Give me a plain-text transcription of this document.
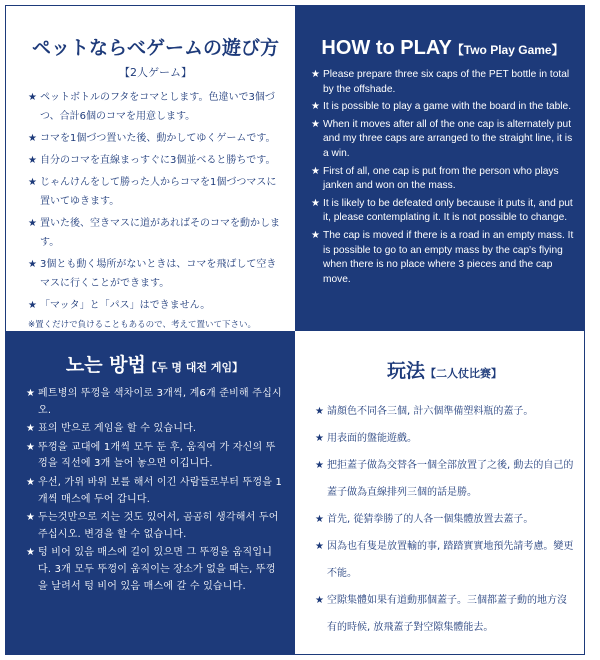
ペットならべゲームの遊び方
【2人ゲーム】
★ ペットボトルのフタをコマとします。色違いで3個づつ、合計6個のコマを用意します。
★ コマを1個づつ置いた後、動かしてゆくゲームです。
★ 自分のコマを直線まっすぐに3個並べると勝ちです。
★ じゃんけんをして勝った人からコマを1個づつマスに置いてゆきます。
★ 置いた後、空きマスに道があればそのコマを動かします。
★ 3個とも動く場所がないときは、コマを飛ばして空きマスに行くことができます。
★ 「マッタ」と「パス」はできません。
※置くだけで負けることもあるので、考えて置いて下さい。
HOW to PLAY【Two Play Game】
★ Please prepare three six caps of the PET bottle in total by the offshade.
★ It is possible to play a game with the board in the table.
★ When it moves after all of the one cap is alternately put and my three caps are arranged to the straight line, it is a win.
★ First of all, one cap is put from the person who plays janken and won on the mass.
★ It is likely to be defeated only because it puts it, and put it, please contemplating it. It is not possible to change.
★ The cap is moved if there is a road in an empty mass. It is possible to go to an empty mass by the cap's flying when there is no place where 3 pieces and the cap move.
노는 방법【두 명 대전 게임】
★ 페트병의 뚜껑을 색차이로 3개씩, 계6개 준비해 주십시오.
★ 표의 반으로 게임을 할 수 있습니다.
★ 뚜껑을 교대에 1개씩 모두 둔 후, 움직여 가 자신의 뚜껑을 직선에 3개 늘어 놓으면 이깁니다.
★ 우선, 가위 바위 보를 해서 이긴 사람들로부터 뚜껑을 1개씩 매스에 두어 갑니다.
★ 두는것만으로 지는 것도 있어서, 곰곰히 생각해서 두어 주십시오. 변경을 할 수 없습니다.
★ 텅 비어 있음 매스에 길이 있으면 그 뚜껑을 움직입니다. 3개 모두 뚜껑이 움직이는 장소가 없을 때는, 뚜껑을 날려서 텅 비어 있음 매스에 갈 수 있습니다.
玩法【二人仗比赛】
★ 請顏色不同各三個, 計六個準備塑料瓶的蓋子。
★ 用表面的盤能遊戲。
★ 把拒蓋子做為交替各一個全部放置了之後, 動去的自己的蓋子做為直線排列三個的話是勝。
★ 首先, 從猜拳勝了的人各一個集體放置去蓋子。
★ 因為也有隻是放置輸的事, 踏踏實實地預先請考慮。變更不能。
★ 空隙集體如果有道動那個蓋子。三個都蓋子動的地方沒有的時候, 放飛蓋子對空隙集體能去。
